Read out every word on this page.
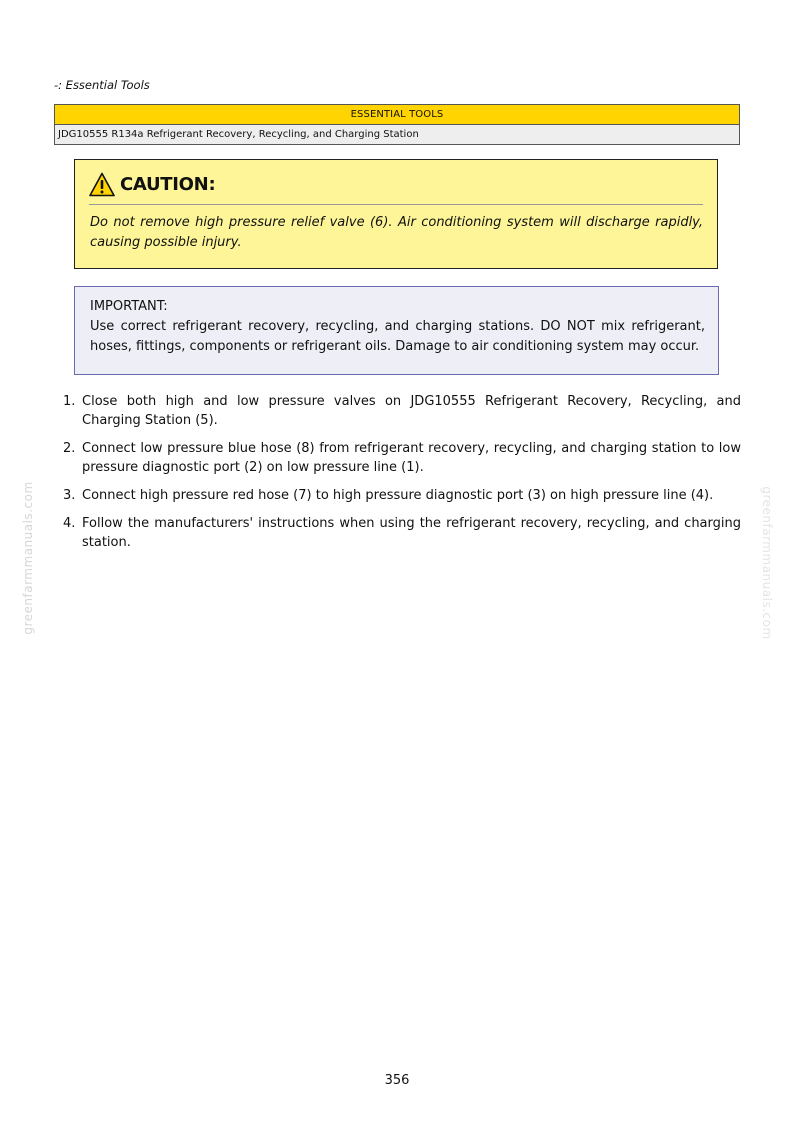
-: Essential Tools
ESSENTIAL TOOLS
JDG10555 R134a Refrigerant Recovery, Recycling, and Charging Station
CAUTION:
Do not remove high pressure relief valve (6). Air conditioning system will discharge rapidly, causing possible injury.
IMPORTANT:
Use correct refrigerant recovery, recycling, and charging stations. DO NOT mix refrigerant, hoses, fittings, components or refrigerant oils. Damage to air conditioning system may occur.
1. Close both high and low pressure valves on JDG10555 Refrigerant Recovery, Recycling, and Charging Station (5).
2. Connect low pressure blue hose (8) from refrigerant recovery, recycling, and charging station to low pressure diagnostic port (2) on low pressure line (1).
3. Connect high pressure red hose (7) to high pressure diagnostic port (3) on high pressure line (4).
4. Follow the manufacturers' instructions when using the refrigerant recovery, recycling, and charging station.
greenfarmmanuals.com	greenfarmmanuals.com
356
